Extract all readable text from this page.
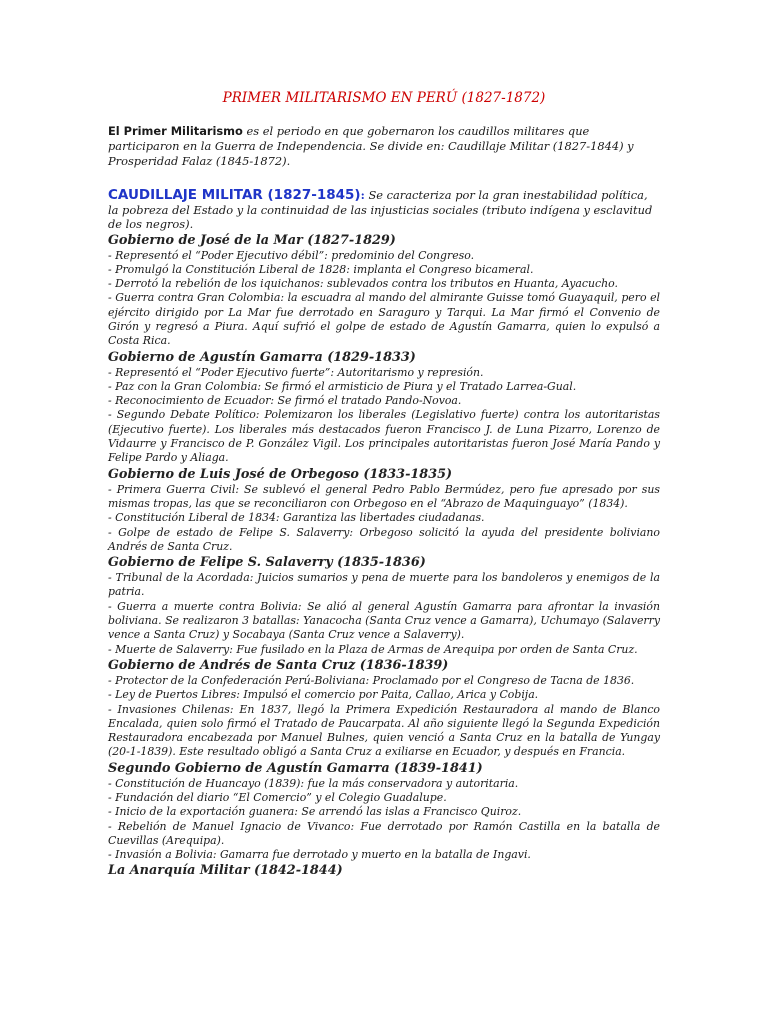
PRIMER MILITARISMO EN PERÚ (1827-1872)

El Primer Militarismo es el periodo en que gobernaron los caudillos militares que participaron en la Guerra de Independencia. Se divide en: Caudillaje Militar (1827-1844) y Prosperidad Falaz (1845-1872).

CAUDILLAJE MILITAR (1827-1845): Se caracteriza por la gran inestabilidad política, la pobreza del Estado y la continuidad de las injusticias sociales (tributo indígena y esclavitud de los negros).

Gobierno de José de la Mar (1827-1829)
- Representó el “Poder Ejecutivo débil”: predominio del Congreso.
- Promulgó la Constitución Liberal de 1828: implanta el Congreso bicameral.
- Derrotó la rebelión de los iquichanos: sublevados contra los tributos en Huanta, Ayacucho.
- Guerra contra Gran Colombia: la escuadra al mando del almirante Guisse tomó Guayaquil, pero el ejército dirigido por La Mar fue derrotado en Saraguro y Tarqui. La Mar firmó el Convenio de Girón y regresó a Piura. Aquí sufrió el golpe de estado de Agustín Gamarra, quien lo expulsó a Costa Rica.
Gobierno de Agustín Gamarra (1829-1833)
- Representó el “Poder Ejecutivo fuerte”: Autoritarismo y represión.
- Paz con la Gran Colombia: Se firmó el armisticio de Piura y el Tratado Larrea-Gual.
- Reconocimiento de Ecuador: Se firmó el tratado Pando-Novoa.
- Segundo Debate Político: Polemizaron los liberales (Legislativo fuerte) contra los autoritaristas (Ejecutivo fuerte). Los liberales más destacados fueron Francisco J. de Luna Pizarro, Lorenzo de Vidaurre y Francisco de P. González Vigil. Los principales autoritaristas fueron José María Pando y Felipe Pardo y Aliaga.
Gobierno de Luis José de Orbegoso (1833-1835)
- Primera Guerra Civil: Se sublevó el general Pedro Pablo Bermúdez, pero fue apresado por sus mismas tropas, las que se reconciliaron con Orbegoso en el “Abrazo de Maquinguayo” (1834).
- Constitución Liberal de 1834: Garantiza las libertades ciudadanas.
- Golpe de estado de Felipe S. Salaverry: Orbegoso solicitó la ayuda del presidente boliviano Andrés de Santa Cruz.
Gobierno de Felipe S. Salaverry (1835-1836)
- Tribunal de la Acordada: Juicios sumarios y pena de muerte para los bandoleros y enemigos de la patria.
- Guerra a muerte contra Bolivia: Se alió al general Agustín Gamarra para afrontar la invasión boliviana. Se realizaron 3 batallas: Yanacocha (Santa Cruz vence a Gamarra), Uchumayo (Salaverry vence a Santa Cruz) y Socabaya (Santa Cruz vence a Salaverry).
- Muerte de Salaverry: Fue fusilado en la Plaza de Armas de Arequipa por orden de Santa Cruz.
Gobierno de Andrés de Santa Cruz (1836-1839)
- Protector de la Confederación Perú-Boliviana: Proclamado por el Congreso de Tacna de 1836.
- Ley de Puertos Libres: Impulsó el comercio por Paita, Callao, Arica y Cobija.
- Invasiones Chilenas: En 1837, llegó la Primera Expedición Restauradora al mando de Blanco Encalada, quien solo firmó el Tratado de Paucarpata. Al año siguiente llegó la Segunda Expedición Restauradora encabezada por Manuel Bulnes, quien venció a Santa Cruz en la batalla de Yungay (20-1-1839). Este resultado obligó a Santa Cruz a exiliarse en Ecuador, y después en Francia.
Segundo Gobierno de Agustín Gamarra (1839-1841)
- Constitución de Huancayo (1839): fue la más conservadora y autoritaria.
- Fundación del diario “El Comercio” y el Colegio Guadalupe.
- Inicio de la exportación guanera: Se arrendó las islas a Francisco Quiroz.
- Rebelión de Manuel Ignacio de Vivanco: Fue derrotado por Ramón Castilla en la batalla de Cuevillas (Arequipa).
- Invasión a Bolivia: Gamarra fue derrotado y muerto en la batalla de Ingavi.
La Anarquía Militar (1842-1844)
